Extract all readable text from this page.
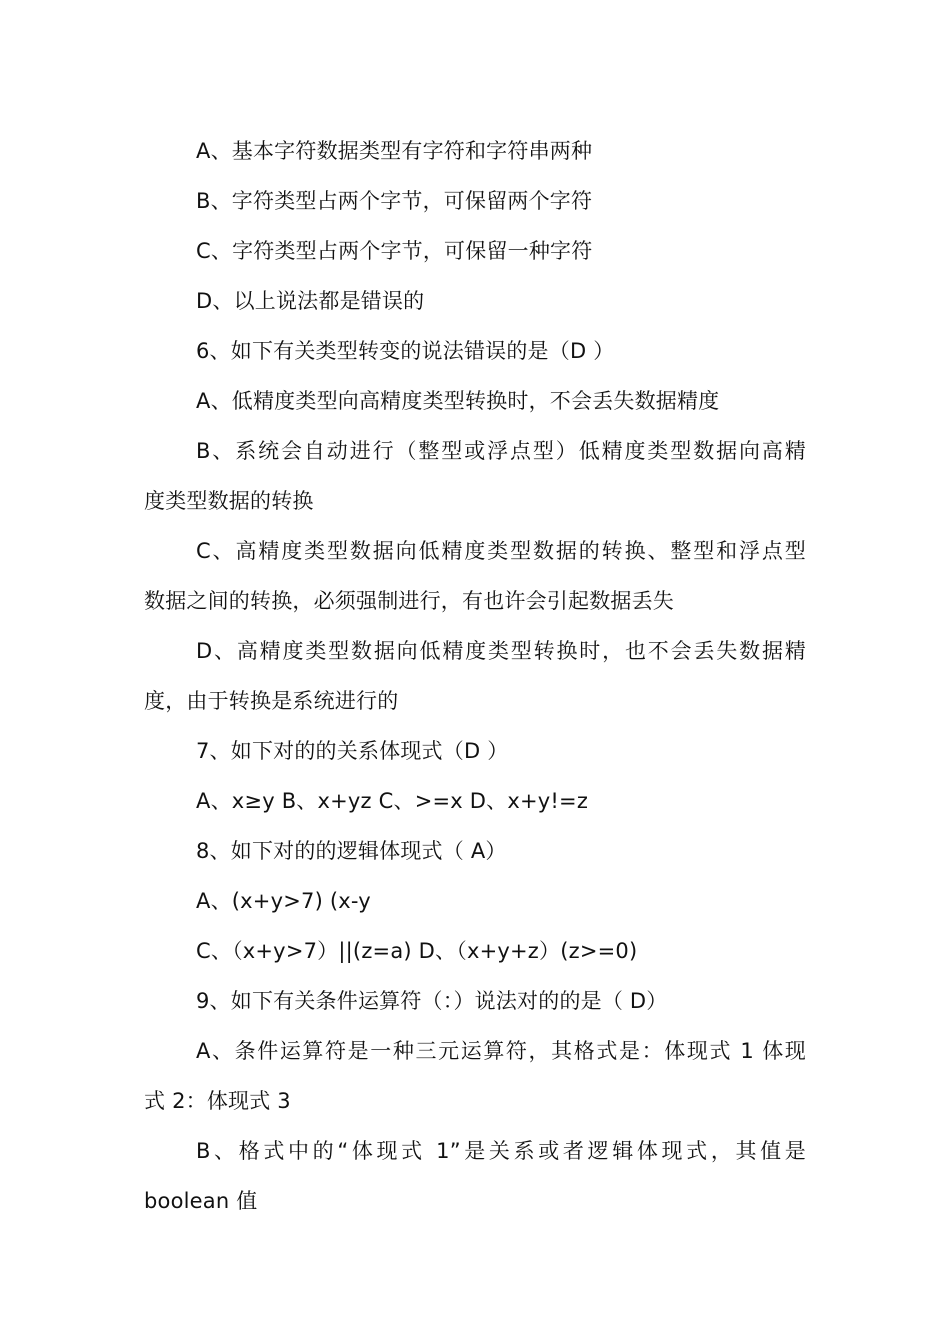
A、基本字符数据类型有字符和字符串两种
B、字符类型占两个字节，可保留两个字符
C、字符类型占两个字节，可保留一种字符
D、以上说法都是错误的
6、如下有关类型转变的说法错误的是（D ）
A、低精度类型向高精度类型转换时，不会丢失数据精度
B、系统会自动进行（整型或浮点型）低精度类型数据向高精
度类型数据的转换
C、高精度类型数据向低精度类型数据的转换、整型和浮点型
数据之间的转换，必须强制进行，有也许会引起数据丢失
D、高精度类型数据向低精度类型转换时，也不会丢失数据精
度，由于转换是系统进行的
7、如下对的的关系体现式（D ）
A、x≥y B、x+yz C、>=x D、x+y!=z
8、如下对的的逻辑体现式（ A）
A、(x+y>7) (x-y
C、（x+y>7）||(z=a) D、（x+y+z）(z>=0)
9、如下有关条件运算符（：）说法对的的是（ D）
A、条件运算符是一种三元运算符，其格式是：体现式 1 体现
式 2：体现式 3
B、格式中的“体现式 1”是关系或者逻辑体现式，其值是
boolean 值
